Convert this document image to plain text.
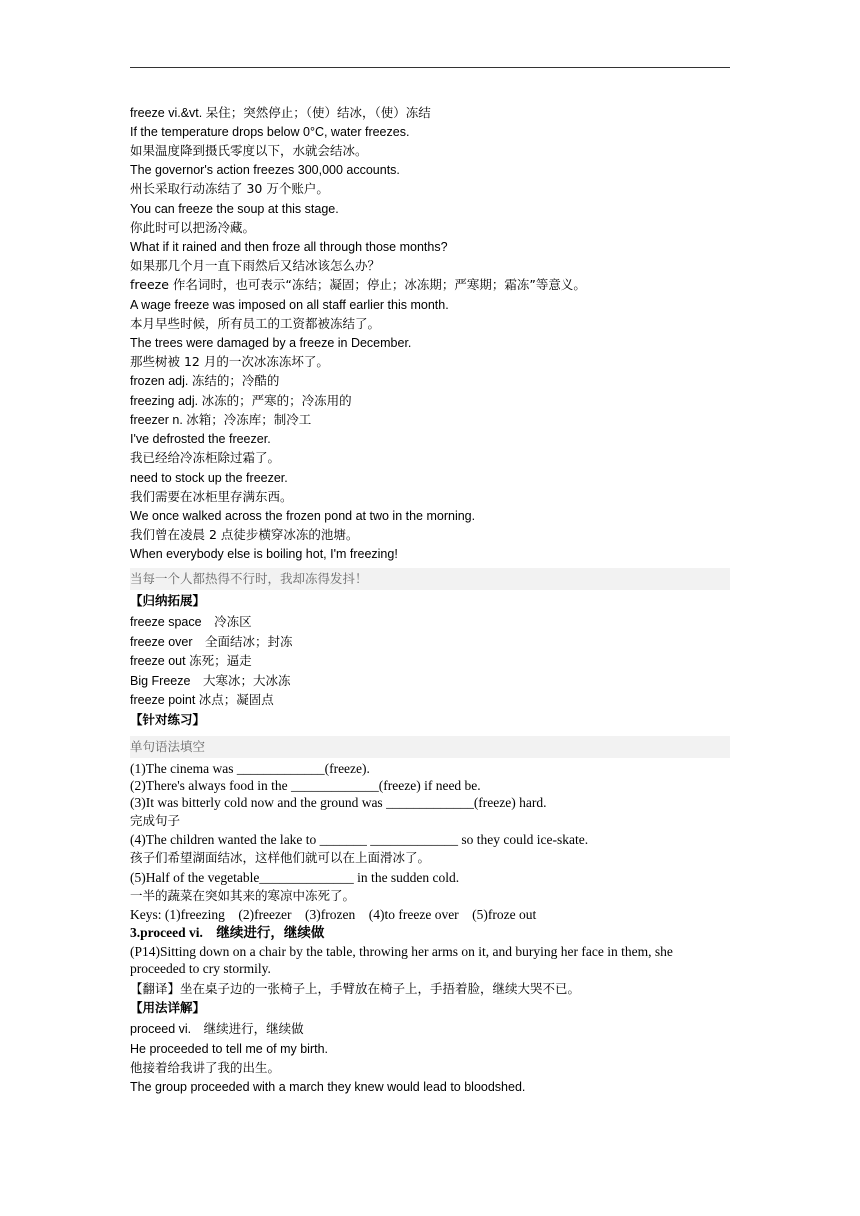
freeze vi.&vt. 呆住；突然停止；（使）结冰，（使）冻结
If the temperature drops below 0°C, water freezes.
如果温度降到摄氏零度以下，水就会结冰。
The governor's action freezes 300,000 accounts.
州长采取行动冻结了 30 万个账户。
You can freeze the soup at this stage.
你此时可以把汤冷藏。
What if it rained and then froze all through those months?
如果那几个月一直下雨然后又结冰该怎么办？
freeze 作名词时，也可表示“冻结；凝固；停止；冰冻期；严寒期；霜冻”等意义。
A wage freeze was imposed on all staff earlier this month.
本月早些时候，所有员工的工资都被冻结了。
The trees were damaged by a freeze in December.
那些树被 12 月的一次冰冻冻坏了。
frozen adj. 冻结的；冷酷的
freezing adj. 冰冻的；严寒的；冷冻用的
freezer n. 冰箱；冷冻库；制冷工
I've defrosted the freezer.
我已经给冷冻柜除过霜了。
need to stock up the freezer.
我们需要在冰柜里存满东西。
We once walked across the frozen pond at two in the morning.
我们曾在凌晨 2 点徒步横穿冰冻的池塘。
When everybody else is boiling hot, I'm freezing!
当每一个人都热得不行时，我却冻得发抖！
【归纳拓展】
freeze space　冷冻区
freeze over　全面结冰；封冻
freeze out 冻死；逼走
Big Freeze　大寒冰；大冰冻
freeze point 冰点；凝固点
【针对练习】
单句语法填空
(1)The cinema was _____________(freeze).
(2)There's always food in the _____________(freeze) if need be.
(3)It was bitterly cold now and the ground was _____________(freeze) hard.
完成句子
(4)The children wanted the lake to _______ _____________ so they could ice-skate.
孩子们希望湖面结冰，这样他们就可以在上面滑冰了。
(5)Half of the vegetable______________ in the sudden cold.
一半的蔬菜在突如其来的寒凉中冻死了。
Keys: (1)freezing　(2)freezer　(3)frozen　(4)to freeze over　(5)froze out
3.proceed vi.　继续进行，继续做
(P14)Sitting down on a chair by the table, throwing her arms on it, and burying her face in them, she proceeded to cry stormily.
【翻译】坐在桌子边的一张椅子上，手臂放在椅子上，手捂着脸，继续大哭不已。
【用法详解】
proceed vi.　继续进行，继续做
He proceeded to tell me of my birth.
他接着给我讲了我的出生。
The group proceeded with a march they knew would lead to bloodshed.
